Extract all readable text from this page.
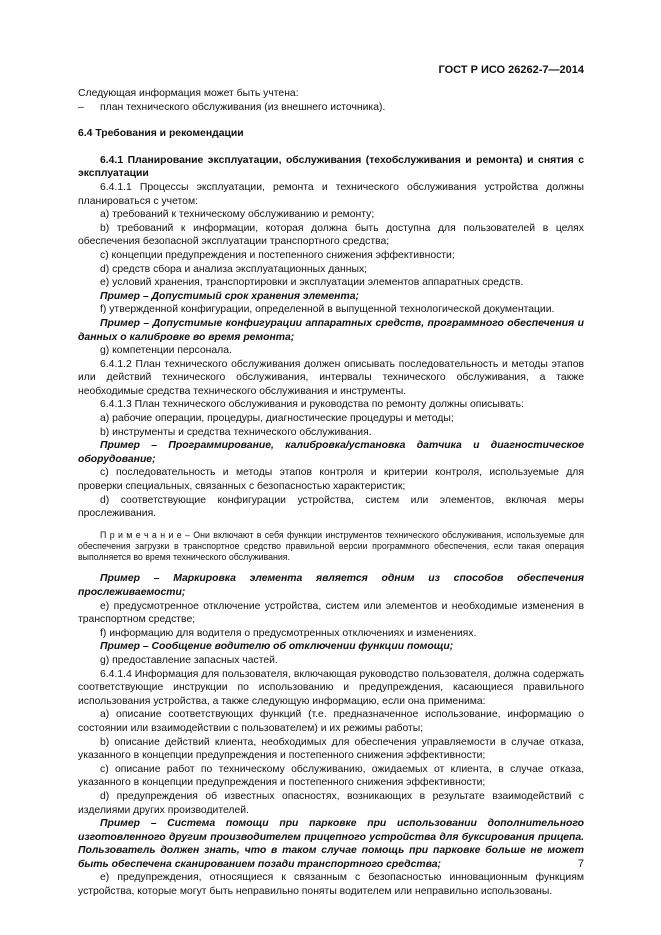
ГОСТ Р ИСО 26262-7—2014

Следующая информация может быть учтена:

–	план технического обслуживания (из внешнего источника).

6.4 Требования и рекомендации

6.4.1 Планирование эксплуатации, обслуживания (техобслуживания и ремонта) и снятия с эксплуатации

6.4.1.1 Процессы эксплуатации, ремонта и технического обслуживания устройства должны планироваться с учетом:

а) требований к техническому обслуживанию и ремонту;

b) требований к информации, которая должна быть доступна для пользователей в целях обеспечения безопасной эксплуатации транспортного средства;

с) концепции предупреждения и постепенного снижения эффективности;

d) средств сбора и анализа эксплуатационных данных;

е) условий хранения, транспортировки и эксплуатации элементов аппаратных средств.

Пример – Допустимый срок хранения элемента;

f) утвержденной конфигурации, определенной в выпущенной технологической документации.

Пример – Допустимые конфигурации аппаратных средств, программного обеспечения и данных о калибровке во время ремонта;

g) компетенции персонала.

6.4.1.2 План технического обслуживания должен описывать последовательность и методы этапов или действий технического обслуживания, интервалы технического обслуживания, а также необходимые средства технического обслуживания и инструменты.

6.4.1.3 План технического обслуживания и руководства по ремонту должны описывать:

а) рабочие операции, процедуры, диагностические процедуры и методы;

b) инструменты и средства технического обслуживания.

Пример – Программирование, калибровка/установка датчика и диагностическое оборудование;

с) последовательность и методы этапов контроля и критерии контроля, используемые для проверки специальных, связанных с безопасностью характеристик;

d) соответствующие конфигурации устройства, систем или элементов, включая меры прослеживания.

П р и м е ч а н и е – Они включают в себя функции инструментов технического обслуживания, используемые для обеспечения загрузки в транспортное средство правильной версии программного обеспечения, если такая операция выполняется во время технического обслуживания.

Пример – Маркировка элемента является одним из способов обеспечения прослеживаемости;

е) предусмотренное отключение устройства, систем или элементов и необходимые изменения в транспортном средстве;

f) информацию для водителя о предусмотренных отключениях и изменениях.

Пример – Сообщение водителю об отключении функции помощи;

g) предоставление запасных частей.

6.4.1.4 Информация для пользователя, включающая руководство пользователя, должна содержать соответствующие инструкции по использованию и предупреждения, касающиеся правильного использования устройства, а также следующую информацию, если она применима:

а) описание соответствующих функций (т.е. предназначенное использование, информацию о состоянии или взаимодействии с пользователем) и их режимы работы;

b) описание действий клиента, необходимых для обеспечения управляемости в случае отказа, указанного в концепции предупреждения и постепенного снижения эффективности;

с) описание работ по техническому обслуживанию, ожидаемых от клиента, в случае отказа, указанного в концепции предупреждения и постепенного снижения эффективности;

d) предупреждения об известных опасностях, возникающих в результате взаимодействий с изделиями других производителей.

Пример – Система помощи при парковке при использовании дополнительного изготовленного другим производителем прицепного устройства для буксирования прицепа. Пользователь должен знать, что в таком случае помощь при парковке больше не может быть обеспечена сканированием позади транспортного средства;

е) предупреждения, относящиеся к связанным с безопасностью инновационным функциям устройства, которые могут быть неправильно поняты водителем или неправильно использованы.

7
